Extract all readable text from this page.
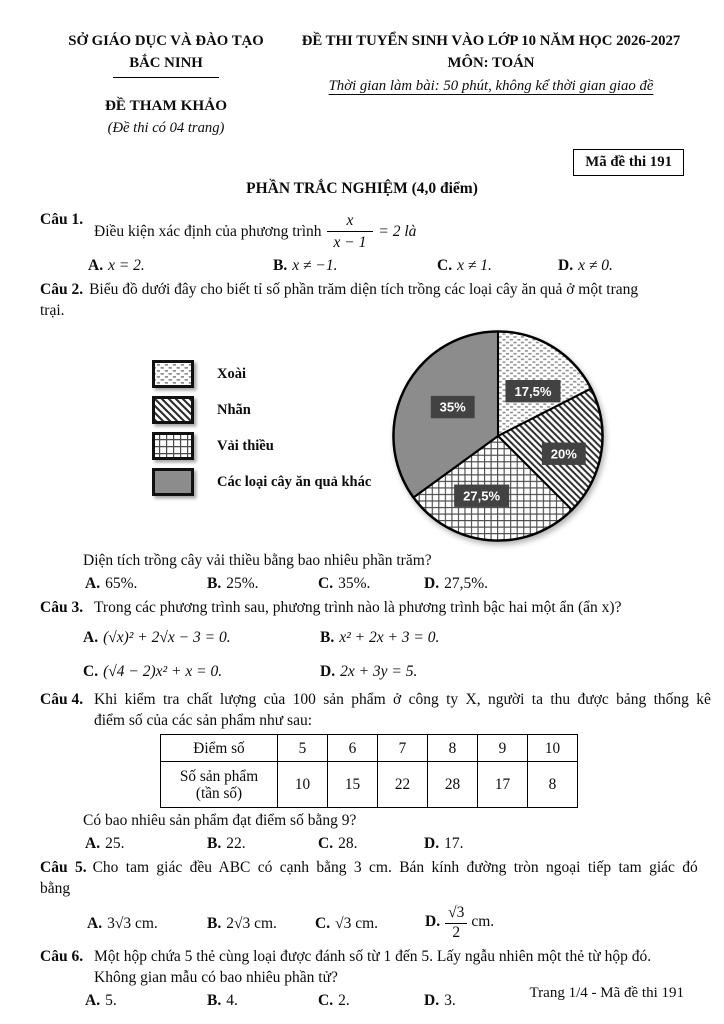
SỞ GIÁO DỤC VÀ ĐÀO TẠO
BẮC NINH
ĐỀ THAM KHẢO
(Đề thi có 04 trang)
ĐỀ THI TUYỂN SINH VÀO LỚP 10 NĂM HỌC 2026-2027
MÔN: TOÁN
Thời gian làm bài: 50 phút, không kể thời gian giao đề
Mã đề thi 191
PHẦN TRẮC NGHIỆM (4,0 điểm)
Câu 1.
Điều kiện xác định của phương trình $\frac{x}{x - 1} = 2$ là
A. x = 2.	B. x ≠ −1.	C. x ≠ 1.	D. x ≠ 0.
Câu 2. Biểu đồ dưới đây cho biết tỉ số phần trăm diện tích trồng các loại cây ăn quả ở một trang
trại.
Xoài
Nhãn
Vải thiều
Các loại cây ăn quả khác
17,5%
35%
20%
27,5%
Diện tích trồng cây vải thiều bằng bao nhiêu phần trăm?
A. 65%.	B. 25%.	C. 35%.	D. 27,5%.
Câu 3. Trong các phương trình sau, phương trình nào là phương trình bậc hai một ẩn (ẩn x)?
A. (√x)² + 2√x − 3 = 0.	B. x² + 2x + 3 = 0.
C. (√4 − 2)x² + x = 0.	D. 2x + 3y = 5.
Câu 4. Khi kiểm tra chất lượng của 100 sản phẩm ở công ty X, người ta thu được bảng thống kê
điểm số của các sản phẩm như sau:
Điểm số	5	6	7	8	9	10

Số sản phẩm
(tần số)	10	15	22	28	17	8
Có bao nhiêu sản phẩm đạt điểm số bằng 9?
A. 25.	B. 22.	C. 28.	D. 17.
Câu 5. Cho tam giác đều ABC có cạnh bằng 3 cm. Bán kính đường tròn ngoại tiếp tam giác đó
bằng
A. 3√3 cm.	B. 2√3 cm.	C. √3 cm.	D. $\frac{√3}{2}$ cm.
Câu 6. Một hộp chứa 5 thẻ cùng loại được đánh số từ 1 đến 5. Lấy ngẫu nhiên một thẻ từ hộp đó.
Không gian mẫu có bao nhiêu phần tử?
A. 5.	B. 4.	C. 2.	D. 3.	Trang 1/4 - Mã đề thi 191
